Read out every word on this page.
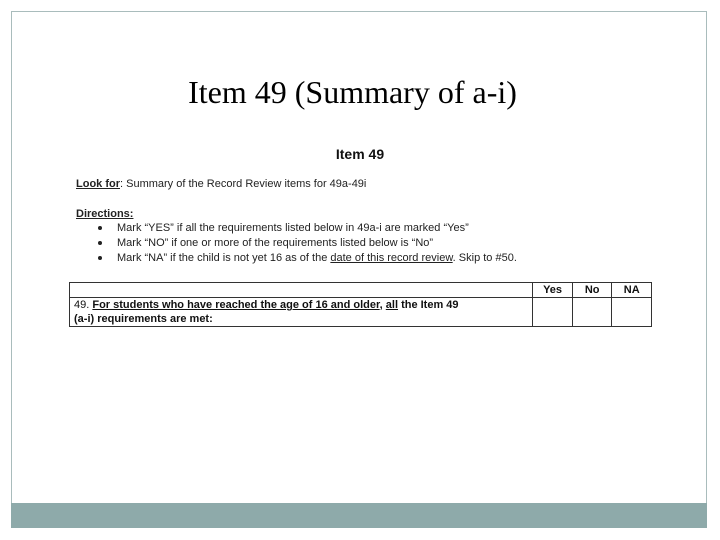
Item 49 (Summary of a-i)
Item 49
Look for: Summary of the Record Review items for 49a-49i
Directions:
Mark “YES” if all the requirements listed below in 49a-i are marked “Yes”
Mark “NO” if one or more of the requirements listed below is “No”
Mark “NA” if the child is not yet 16 as of the date of this record review. Skip to #50.
	Yes	No	NA
49. For students who have reached the age of 16 and older, all the Item 49
(a-i) requirements are met:			
